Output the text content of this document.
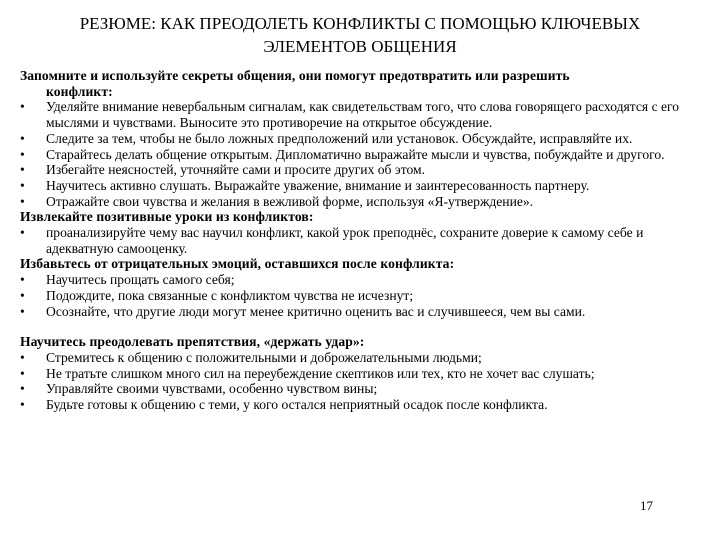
РЕЗЮМЕ: КАК ПРЕОДОЛЕТЬ КОНФЛИКТЫ С ПОМОЩЬЮ КЛЮЧЕВЫХ ЭЛЕМЕНТОВ ОБЩЕНИЯ
Запомните и используйте секреты общения, они помогут предотвратить или разрешить
конфликт:
• Уделяйте внимание невербальным сигналам, как свидетельствам того, что слова говорящего расходятся с его мыслями и чувствами. Выносите это противоречие на открытое обсуждение.
• Следите за тем, чтобы не было ложных предположений или установок. Обсуждайте, исправляйте их.
• Старайтесь делать общение открытым. Дипломатично выражайте мысли и чувства, побуждайте и другого.
• Избегайте неясностей, уточняйте сами и просите других об этом.
• Научитесь активно слушать. Выражайте уважение, внимание и заинтересованность партнеру.
• Отражайте свои чувства и желания в вежливой форме, используя «Я-утверждение».
Извлекайте позитивные уроки из конфликтов:
• проанализируйте чему вас научил конфликт, какой урок преподнёс, сохраните доверие к самому себе и адекватную самооценку.
Избавьтесь от отрицательных эмоций, оставшихся после конфликта:
• Научитесь прощать самого себя;
• Подождите, пока связанные с конфликтом чувства не исчезнут;
• Осознайте, что другие люди могут менее критично оценить вас и случившееся, чем вы сами.
Научитесь преодолевать препятствия, «держать удар»:
• Стремитесь к общению с положительными и доброжелательными людьми;
• Не тратьте слишком много сил на переубеждение скептиков или тех, кто не хочет вас слушать;
• Управляйте своими чувствами, особенно чувством вины;
• Будьте готовы к общению с теми, у кого остался неприятный осадок после конфликта.
17
